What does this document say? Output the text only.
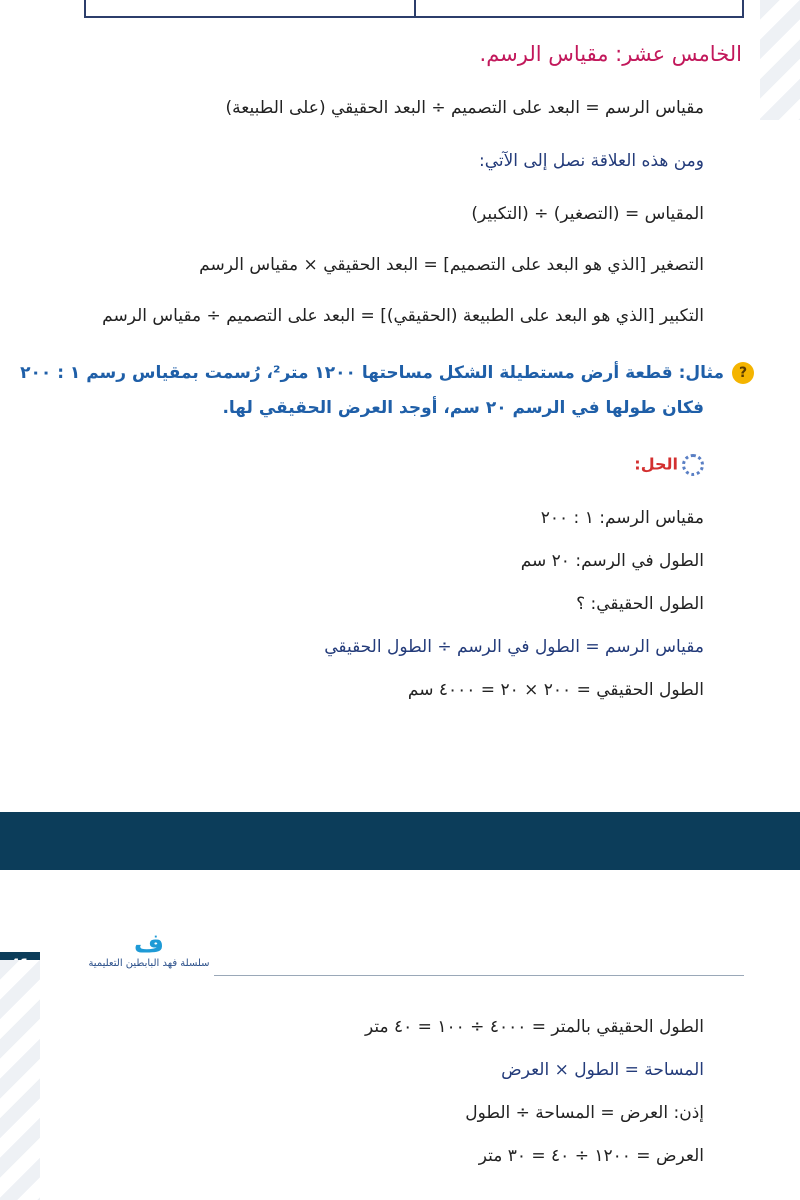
الخامس عشر: مقياس الرسم.
مقياس الرسم = البعد على التصميم ÷ البعد الحقيقي (على الطبيعة)
ومن هذه العلاقة نصل إلى الآتي:
المقياس = (التصغير) ÷ (التكبير)
التصغير [الذي هو البعد على التصميم] = البعد الحقيقي × مقياس الرسم
التكبير [الذي هو البعد على الطبيعة (الحقيقي)] = البعد على التصميم ÷ مقياس الرسم
?مثال: قطعة أرض مستطيلة الشكل مساحتها ١٢٠٠ متر²، رُسمت بمقياس رسم ١ : ٢٠٠
فكان طولها في الرسم ٢٠ سم، أوجد العرض الحقيقي لها.
الحل:
مقياس الرسم: ١ : ٢٠٠
الطول في الرسم: ٢٠ سم
الطول الحقيقي: ؟
مقياس الرسم = الطول في الرسم ÷ الطول الحقيقي
الطول الحقيقي = ٢٠٠ × ٢٠ = ٤٠٠٠ سم
ف
سلسلة فهد البابطين التعليمية
الطول الحقيقي بالمتر = ٤٠٠٠ ÷ ١٠٠ = ٤٠ متر
المساحة = الطول × العرض
إذن: العرض = المساحة ÷ الطول
العرض = ١٢٠٠ ÷ ٤٠ = ٣٠ متر
